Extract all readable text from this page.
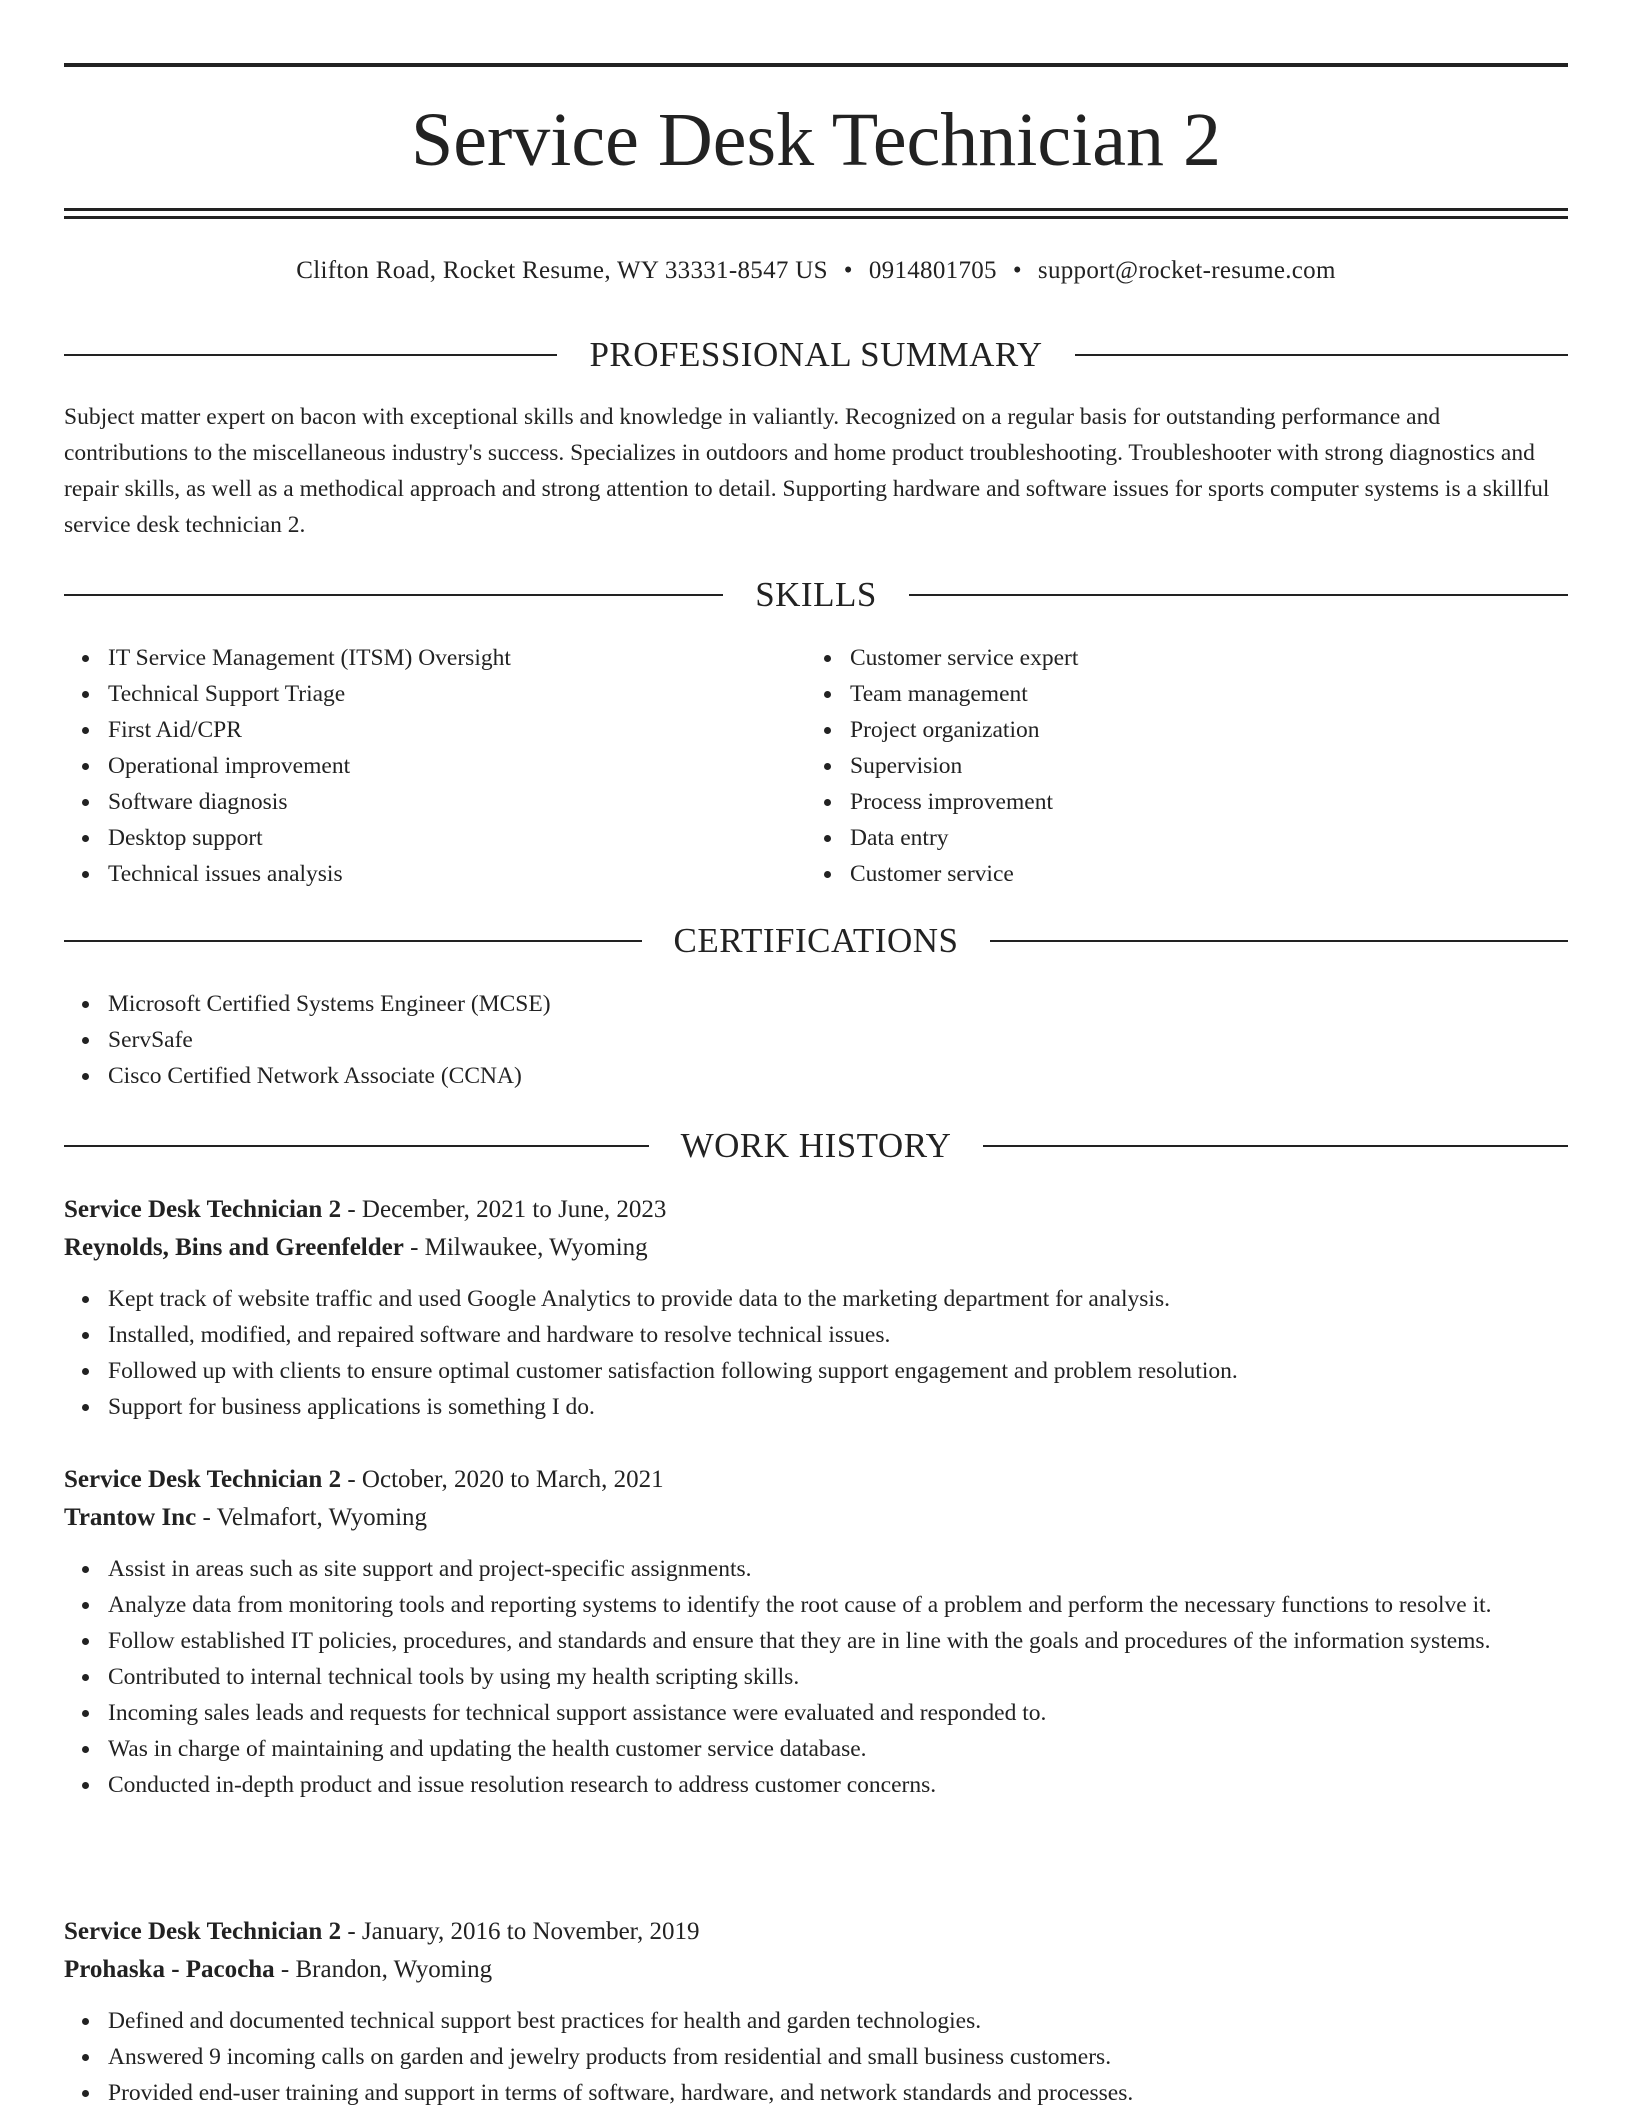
Service Desk Technician 2
Clifton Road, Rocket Resume, WY 33331-8547 US • 0914801705 • support@rocket-resume.com
PROFESSIONAL SUMMARY

Subject matter expert on bacon with exceptional skills and knowledge in valiantly. Recognized on a regular basis for outstanding performance and contributions to the miscellaneous industry's success. Specializes in outdoors and home product troubleshooting. Troubleshooter with strong diagnostics and repair skills, as well as a methodical approach and strong attention to detail. Supporting hardware and software issues for sports computer systems is a skillful service desk technician 2.

SKILLS
IT Service Management (ITSM) Oversight
Technical Support Triage
First Aid/CPR
Operational improvement
Software diagnosis
Desktop support
Technical issues analysis
Customer service expert
Team management
Project organization
Supervision
Process improvement
Data entry
Customer service
CERTIFICATIONS
Microsoft Certified Systems Engineer (MCSE)
ServSafe
Cisco Certified Network Associate (CCNA)
WORK HISTORY

Service Desk Technician 2 - December, 2021 to June, 2023

Reynolds, Bins and Greenfelder - Milwaukee, Wyoming

Kept track of website traffic and used Google Analytics to provide data to the marketing department for analysis.
Installed, modified, and repaired software and hardware to resolve technical issues.
Followed up with clients to ensure optimal customer satisfaction following support engagement and problem resolution.
Support for business applications is something I do.

Service Desk Technician 2 - October, 2020 to March, 2021

Trantow Inc - Velmafort, Wyoming

Assist in areas such as site support and project-specific assignments.
Analyze data from monitoring tools and reporting systems to identify the root cause of a problem and perform the necessary functions to resolve it.
Follow established IT policies, procedures, and standards and ensure that they are in line with the goals and procedures of the information systems.
Contributed to internal technical tools by using my health scripting skills.
Incoming sales leads and requests for technical support assistance were evaluated and responded to.
Was in charge of maintaining and updating the health customer service database.
Conducted in-depth product and issue resolution research to address customer concerns.

Service Desk Technician 2 - January, 2016 to November, 2019

Prohaska - Pacocha - Brandon, Wyoming

Defined and documented technical support best practices for health and garden technologies.
Answered 9 incoming calls on garden and jewelry products from residential and small business customers.
Provided end-user training and support in terms of software, hardware, and network standards and processes.
